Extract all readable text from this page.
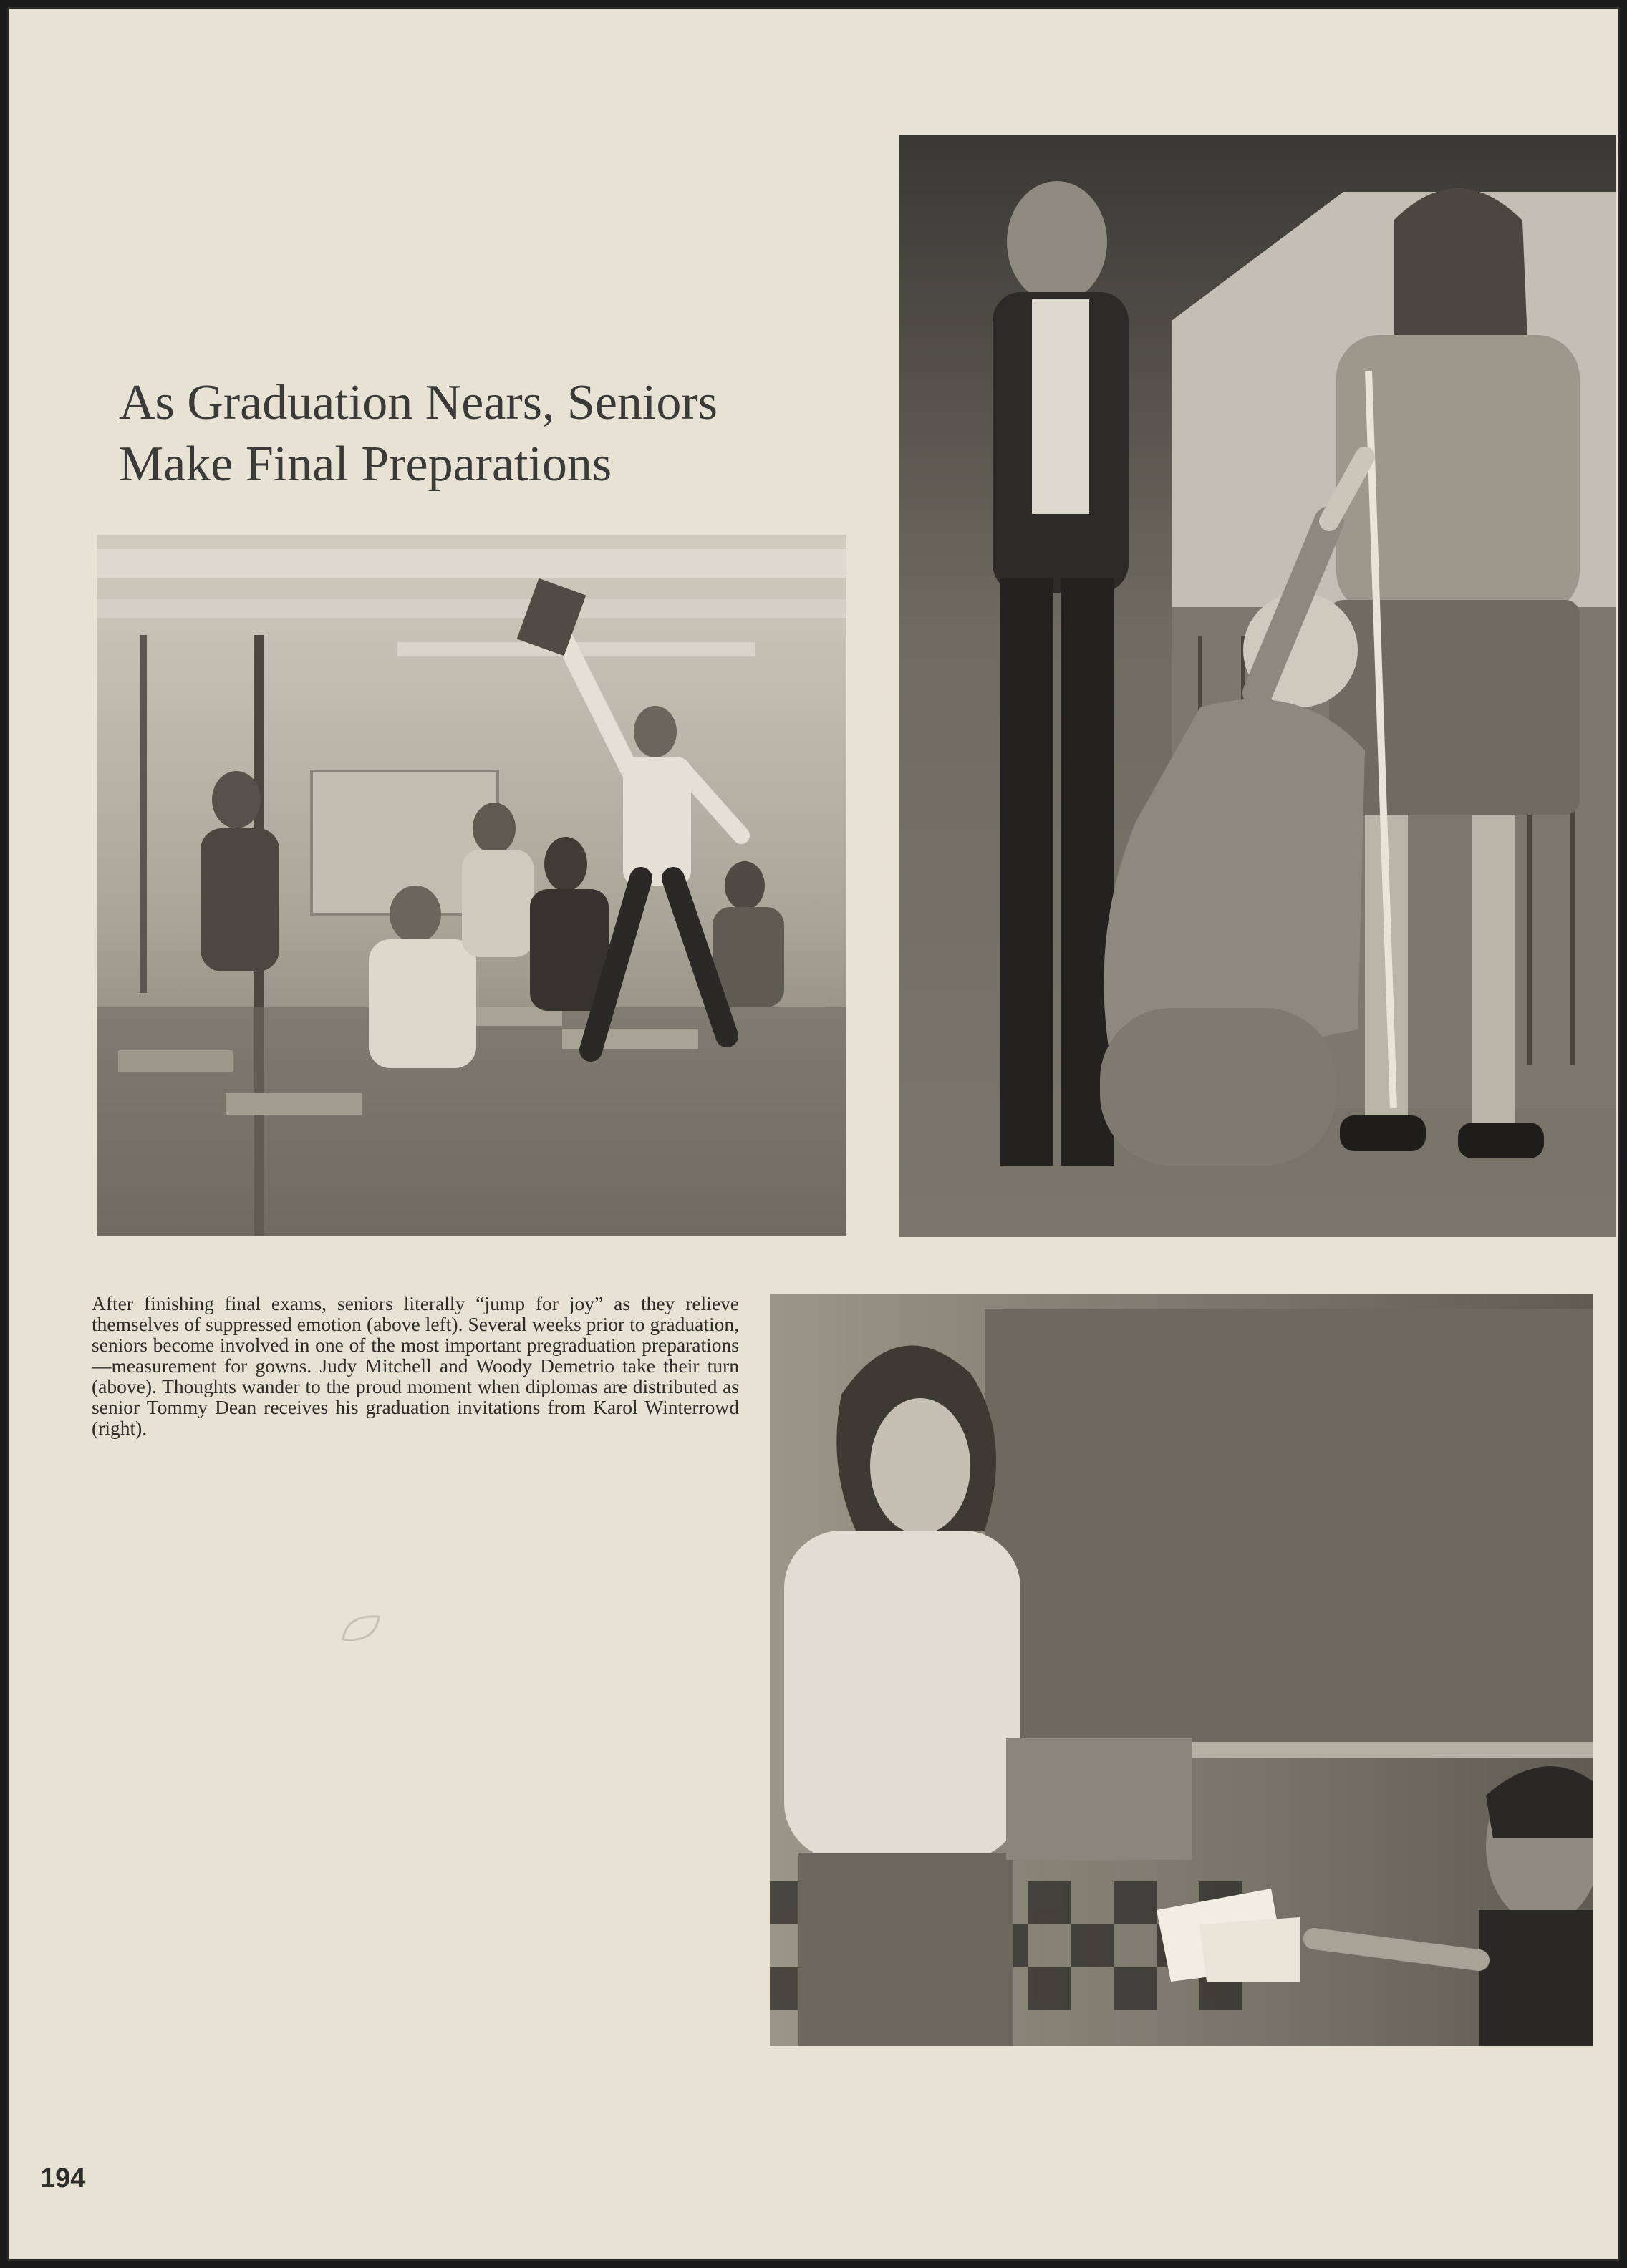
As Graduation Nears, Seniors
Make Final Preparations

After finishing final exams, seniors literally “jump for joy” as they relieve themselves of suppressed emotion (above left). Several weeks prior to graduation, seniors become involved in one of the most important pregraduation preparations—measurement for gowns. Judy Mitchell and Woody Demetrio take their turn (above). Thoughts wander to the proud moment when diplomas are distributed as senior Tommy Dean receives his graduation invitations from Karol Winterrowd (right).

194
